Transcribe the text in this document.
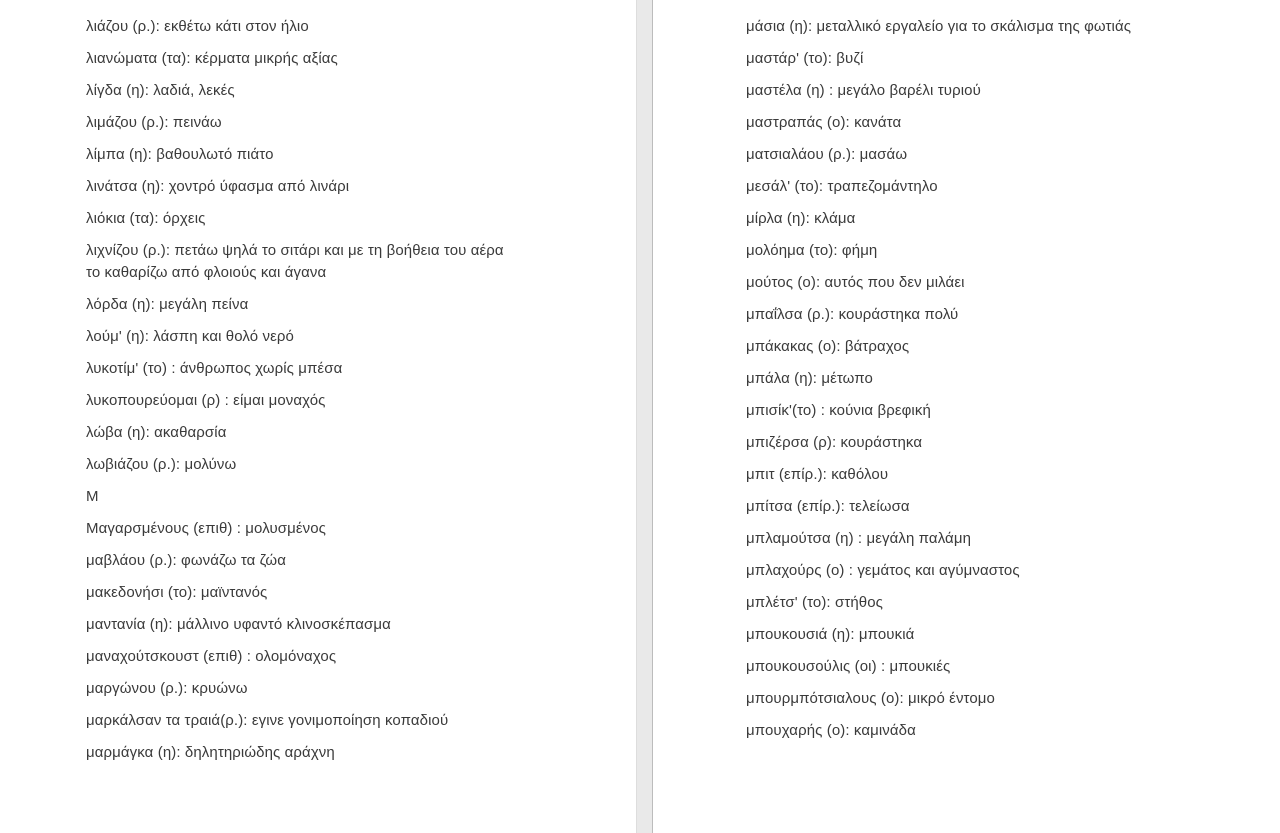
λιάζου (ρ.): εκθέτω κάτι στον ήλιο

λιανώματα (τα): κέρματα μικρής αξίας

λίγδα (η): λαδιά, λεκές

λιμάζου (ρ.): πεινάω

λίμπα (η): βαθουλωτό πιάτο

λινάτσα (η): χοντρό ύφασμα από λινάρι

λιόκια (τα): όρχεις

λιχνίζου (ρ.): πετάω ψηλά το σιτάρι και με τη βοήθεια του αέρα το καθαρίζω από φλοιούς και άγανα

λόρδα (η): μεγάλη πείνα

λούμ' (η): λάσπη και θολό νερό

λυκοτίμ' (το) : άνθρωπος χωρίς μπέσα

λυκοπουρεύομαι (ρ) : είμαι μοναχός

λώβα (η): ακαθαρσία

λωβιάζου (ρ.): μολύνω

Μ

Μαγαρσμένους (επιθ) : μολυσμένος

μαβλάου (ρ.): φωνάζω τα ζώα

μακεδονήσι (το): μαϊντανός

μαντανία (η): μάλλινο υφαντό κλινοσκέπασμα

μαναχούτσκουστ (επιθ) : ολομόναχος

μαργώνου (ρ.): κρυώνω

μαρκάλσαν τα τραιά(ρ.): εγινε γονιμοποίηση κοπαδιού

μαρμάγκα (η): δηλητηριώδης αράχνη

μάσια (η): μεταλλικό εργαλείο για το σκάλισμα της φωτιάς

μαστάρ' (το): βυζί

μαστέλα (η) : μεγάλο βαρέλι τυριού

μαστραπάς (ο): κανάτα

ματσιαλάου (ρ.): μασάω

μεσάλ' (το): τραπεζομάντηλο

μίρλα (η): κλάμα

μολόημα (το): φήμη

μούτος (ο): αυτός που δεν μιλάει

μπαΐλσα (ρ.): κουράστηκα πολύ

μπάκακας (ο): βάτραχος

μπάλα (η): μέτωπο

μπισίκ'(το) : κούνια βρεφική

μπιζέρσα (ρ): κουράστηκα

μπιτ (επίρ.): καθόλου

μπίτσα (επίρ.): τελείωσα

μπλαμούτσα (η) : μεγάλη παλάμη

μπλαχούρς (ο) : γεμάτος και αγύμναστος

μπλέτσ' (το): στήθος

μπουκουσιά (η): μπουκιά

μπουκουσούλις (οι) : μπουκιές

μπουρμπότσιαλους (ο): μικρό έντομο

μπουχαρής (ο): καμινάδα
